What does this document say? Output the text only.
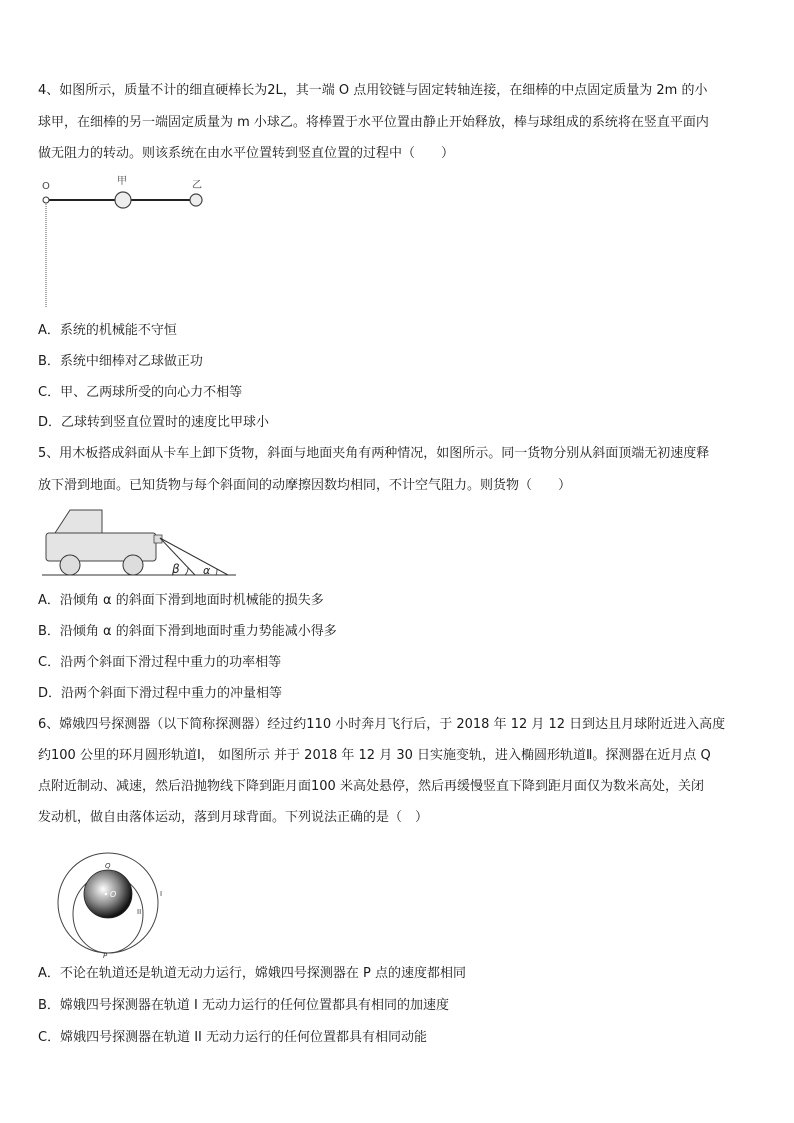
4、如图所示，质量不计的细直硬棒长为2L，其一端 O 点用铰链与固定转轴连接，在细棒的中点固定质量为 2m 的小
球甲，在细棒的另一端固定质量为 m 小球乙。将棒置于水平位置由静止开始释放，棒与球组成的系统将在竖直平面内
做无阻力的转动。则该系统在由水平位置转到竖直位置的过程中（　　）
O	甲	乙
A．系统的机械能不守恒
B．系统中细棒对乙球做正功
C．甲、乙两球所受的向心力不相等
D．乙球转到竖直位置时的速度比甲球小
5、用木板搭成斜面从卡车上卸下货物，斜面与地面夹角有两种情况，如图所示。同一货物分别从斜面顶端无初速度释
放下滑到地面。已知货物与每个斜面间的动摩擦因数均相同，不计空气阻力。则货物（　　）
β α
A．沿倾角 α 的斜面下滑到地面时机械能的损失多
B．沿倾角 α 的斜面下滑到地面时重力势能减小得多
C．沿两个斜面下滑过程中重力的功率相等
D．沿两个斜面下滑过程中重力的冲量相等
6、嫦娥四号探测器（以下简称探测器）经过约110 小时奔月飞行后，于 2018 年 12 月 12 日到达且月球附近进入高度
约100 公里的环月圆形轨道Ⅰ， 如图所示 并于 2018 年 12 月 30 日实施变轨，进入椭圆形轨道Ⅱ。探测器在近月点 Q
点附近制动、减速，然后沿抛物线下降到距月面100 米高处悬停，然后再缓慢竖直下降到距月面仅为数米高处，关闭
发动机，做自由落体运动，落到月球背面。下列说法正确的是（　）
O
Q
I
II
P
A．不论在轨道还是轨道无动力运行，嫦娥四号探测器在 P 点的速度都相同
B．嫦娥四号探测器在轨道 I 无动力运行的任何位置都具有相同的加速度
C．嫦娥四号探测器在轨道 II 无动力运行的任何位置都具有相同动能
